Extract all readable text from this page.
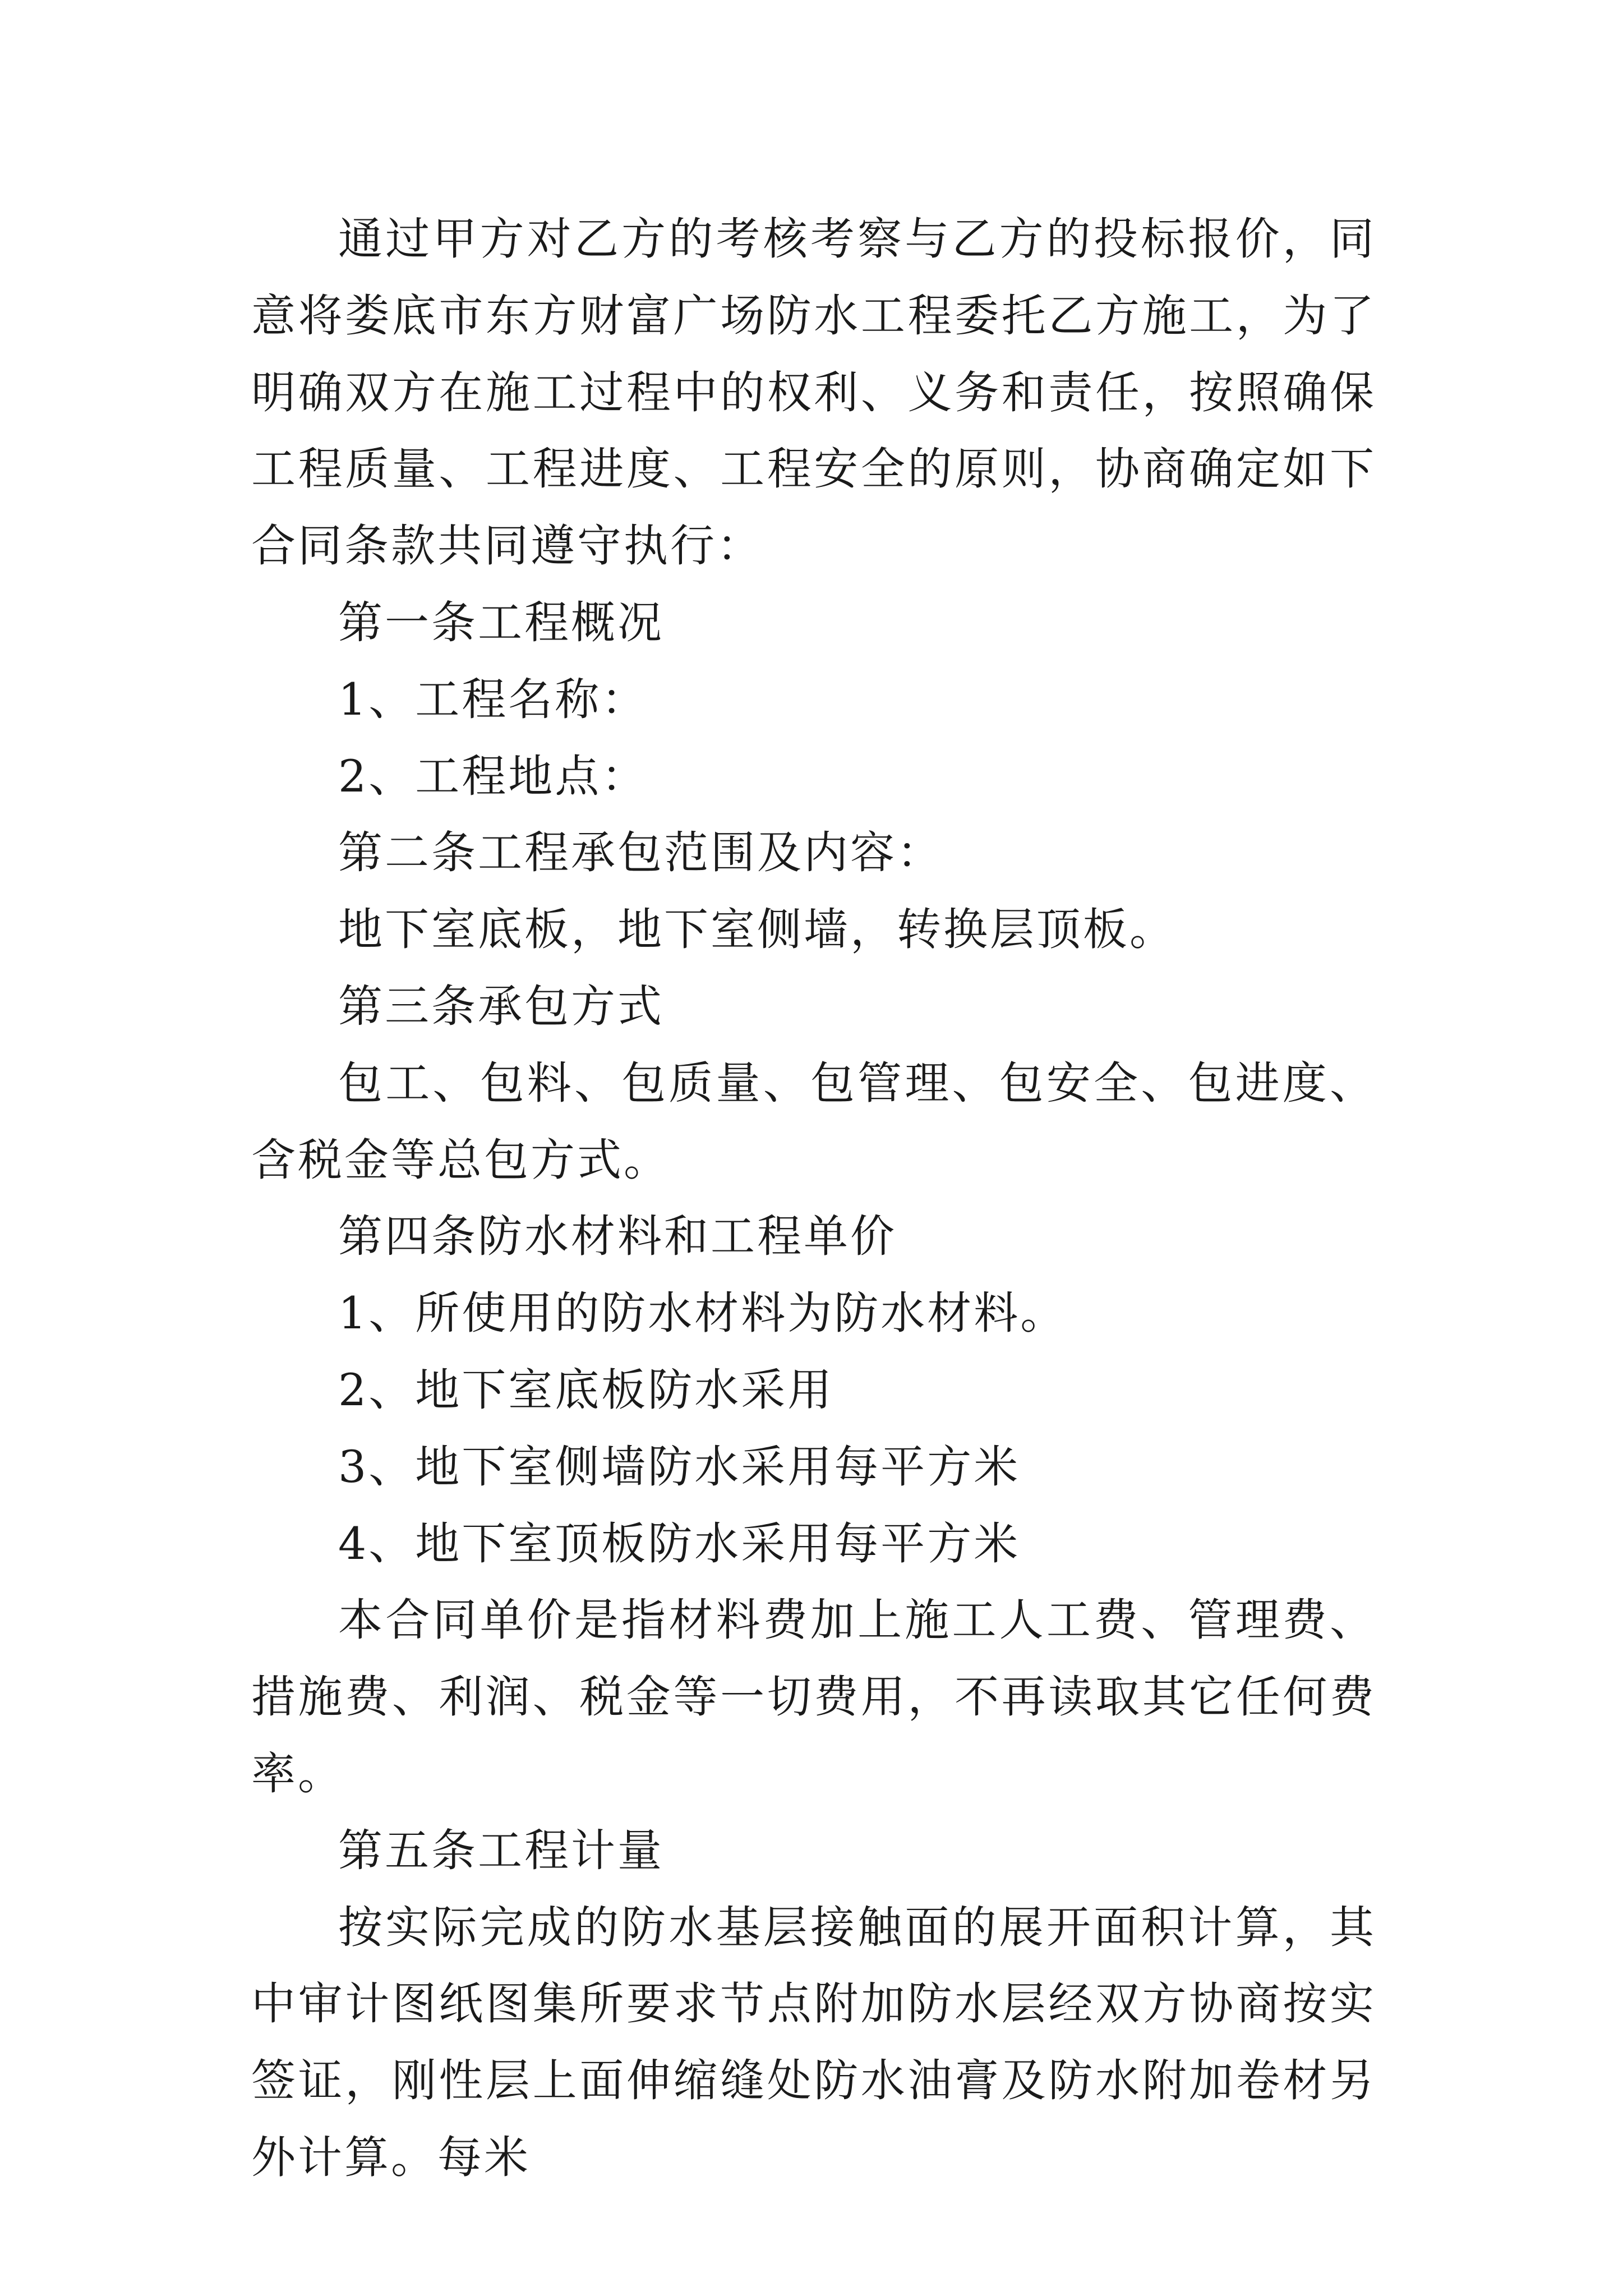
通过甲方对乙方的考核考察与乙方的投标报价，同意将娄底市东方财富广场防水工程委托乙方施工，为了明确双方在施工过程中的权利、义务和责任，按照确保工程质量、工程进度、工程安全的原则，协商确定如下合同条款共同遵守执行：

第一条工程概况

1、工程名称：

2、工程地点：

第二条工程承包范围及内容：

地下室底板，地下室侧墙，转换层顶板。

第三条承包方式

包工、包料、包质量、包管理、包安全、包进度、含税金等总包方式。

第四条防水材料和工程单价

1、所使用的防水材料为防水材料。

2、地下室底板防水采用

3、地下室侧墙防水采用每平方米

4、地下室顶板防水采用每平方米

本合同单价是指材料费加上施工人工费、管理费、措施费、利润、税金等一切费用，不再读取其它任何费率。

第五条工程计量

按实际完成的防水基层接触面的展开面积计算，其中审计图纸图集所要求节点附加防水层经双方协商按实签证，刚性层上面伸缩缝处防水油膏及防水附加卷材另外计算。每米
